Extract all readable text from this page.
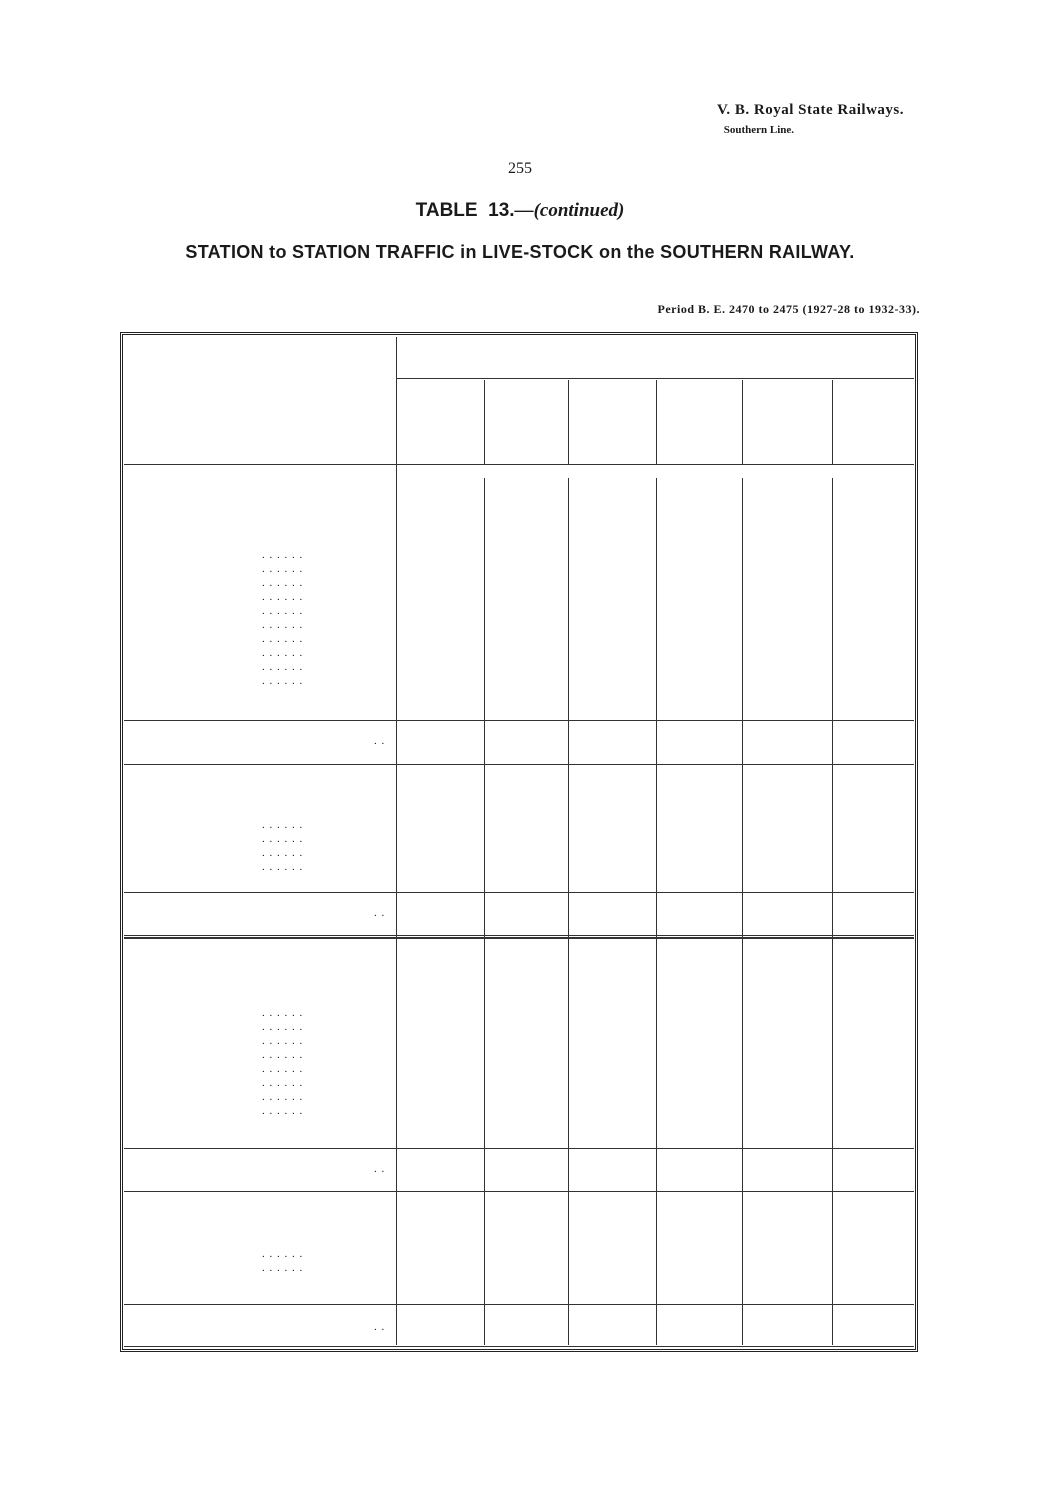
V. B. Royal State Railways.
Southern Line.
255
TABLE 13.—(continued)
STATION to STATION TRAFFIC in LIVE-STOCK on the SOUTHERN RAILWAY.
Period B. E. 2470 to 2475 (1927-28 to 1932-33).
. . . . . .
. . . . . .
. . . . . .
. . . . . .
. . . . . .
. . . . . .
. . . . . .
. . . . . .
. . . . . .
. . . . . .
. .
. . . . . .
. . . . . .
. . . . . .
. . . . . .
. .
. . . . . .
. . . . . .
. . . . . .
. . . . . .
. . . . . .
. . . . . .
. . . . . .
. . . . . .
. .
. . . . . .
. . . . . .
. .
